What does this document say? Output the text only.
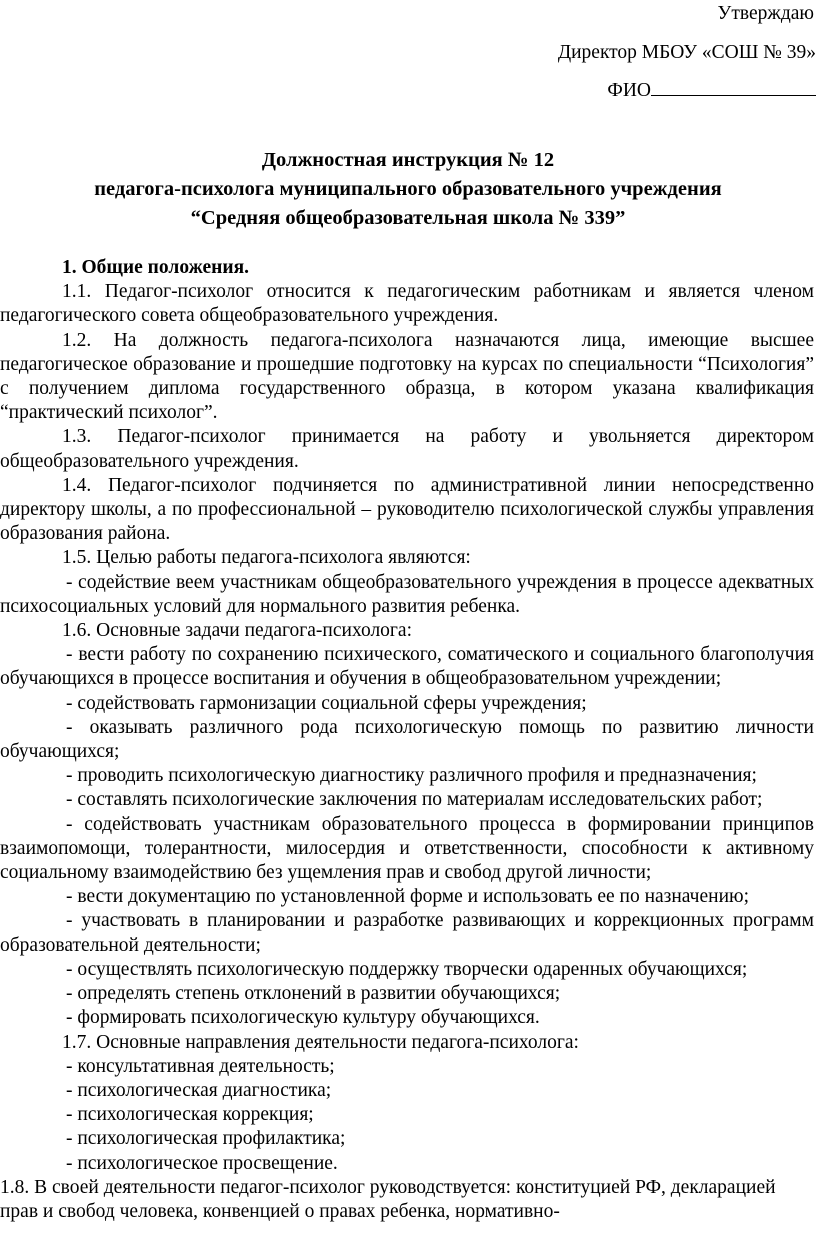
Утверждаю
Директор МБОУ «СОШ № 39»
ФИО
Должностная инструкция № 12
педагога-психолога муниципального образовательного учреждения
“Средняя общеобразовательная школа № 339”

1. Общие положения.

1.1. Педагог-психолог относится к педагогическим работникам и является членом педагогического совета общеобразовательного учреждения.

1.2. На должность педагога-психолога назначаются лица, имеющие высшее педагогическое образование и прошедшие подготовку на курсах по специальности “Психология” с получением диплома государственного образца, в котором указана квалификация “практический психолог”.

1.3. Педагог-психолог принимается на работу и увольняется директором общеобразовательного учреждения.

1.4. Педагог-психолог подчиняется по административной линии непосредственно директору школы, а по профессиональной – руководителю психологической службы управления образования района.

1.5. Целью работы педагога-психолога являются:

- содействие веем участникам общеобразовательного учреждения в процессе адекватных психосоциальных условий для нормального развития ребенка.

1.6. Основные задачи педагога-психолога:

- вести работу по сохранению психического, соматического и социального благополучия обучающихся в процессе воспитания и обучения в общеобразовательном учреждении;

- содействовать гармонизации социальной сферы учреждения;

- оказывать различного рода психологическую помощь по развитию личности обучающихся;

- проводить психологическую диагностику различного профиля и предназначения;

- составлять психологические заключения по материалам исследовательских работ;

- содействовать участникам образовательного процесса в формировании принципов взаимопомощи, толерантности, милосердия и ответственности, способности к активному социальному взаимодействию без ущемления прав и свобод другой личности;

- вести документацию по установленной форме и использовать ее по назначению;

- участвовать в планировании и разработке развивающих и коррекционных программ образовательной деятельности;

- осуществлять психологическую поддержку творчески одаренных обучающихся;

- определять степень отклонений в развитии обучающихся;

- формировать психологическую культуру обучающихся.

1.7. Основные направления деятельности педагога-психолога:

- консультативная деятельность;

- психологическая диагностика;

- психологическая коррекция;

- психологическая профилактика;

- психологическое просвещение.

1.8. В своей деятельности педагог-психолог руководствуется: конституцией РФ, декларацией прав и свобод человека, конвенцией о правах ребенка, нормативно-
